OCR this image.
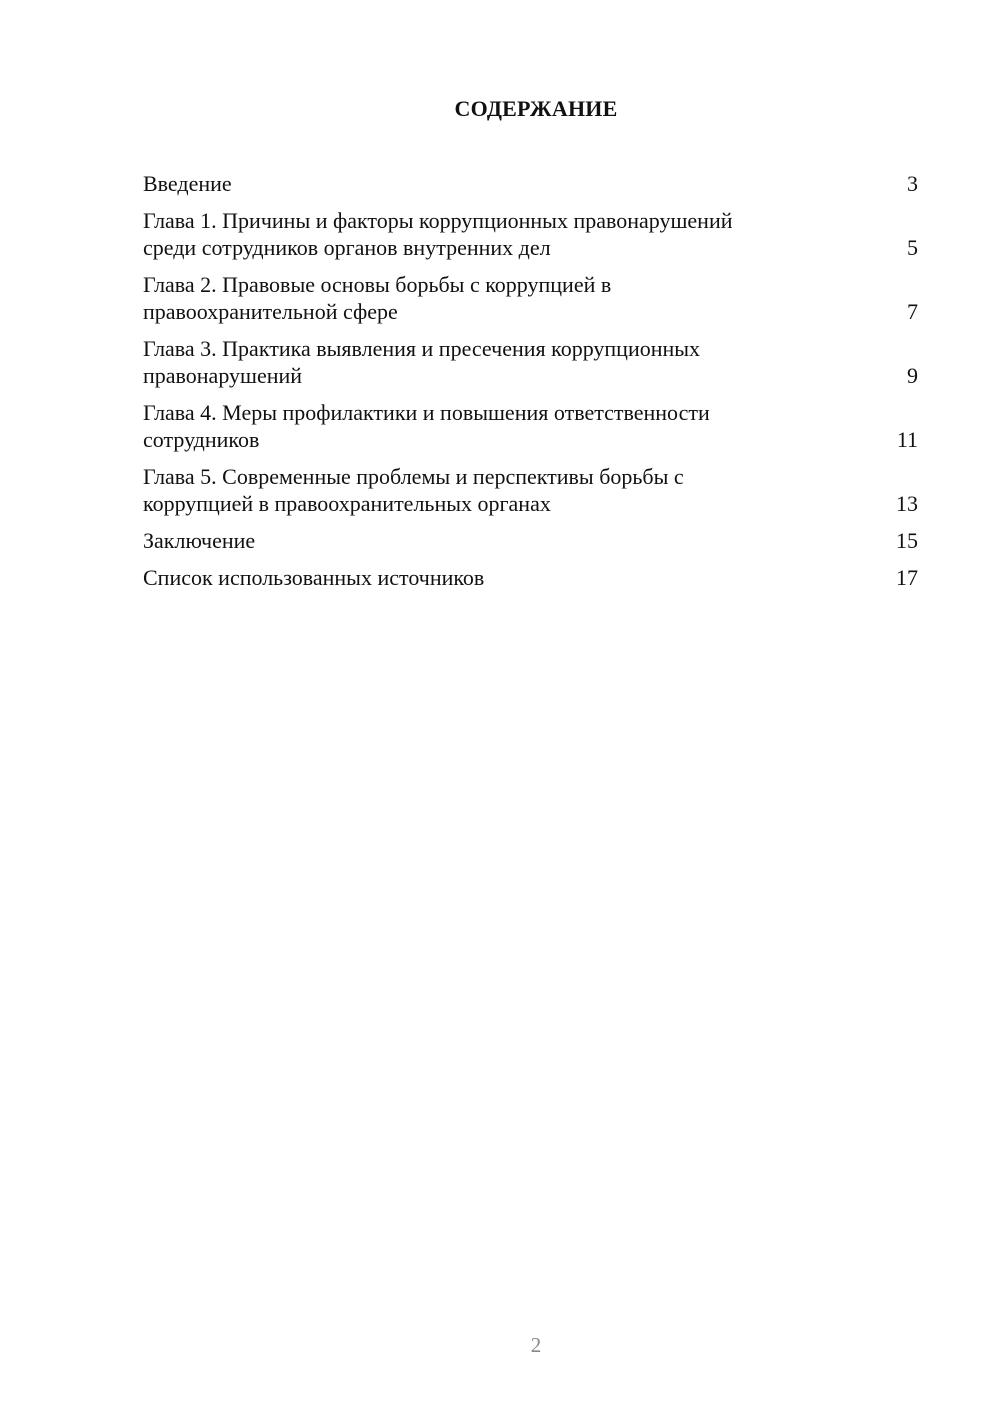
СОДЕРЖАНИЕ
Введение	3
Глава 1. Причины и факторы коррупционных правонарушений
среди сотрудников органов внутренних дел	5
Глава 2. Правовые основы борьбы с коррупцией в
правоохранительной сфере	7
Глава 3. Практика выявления и пресечения коррупционных
правонарушений	9
Глава 4. Меры профилактики и повышения ответственности
сотрудников	11
Глава 5. Современные проблемы и перспективы борьбы с
коррупцией в правоохранительных органах	13
Заключение	15
Список использованных источников	17
2
